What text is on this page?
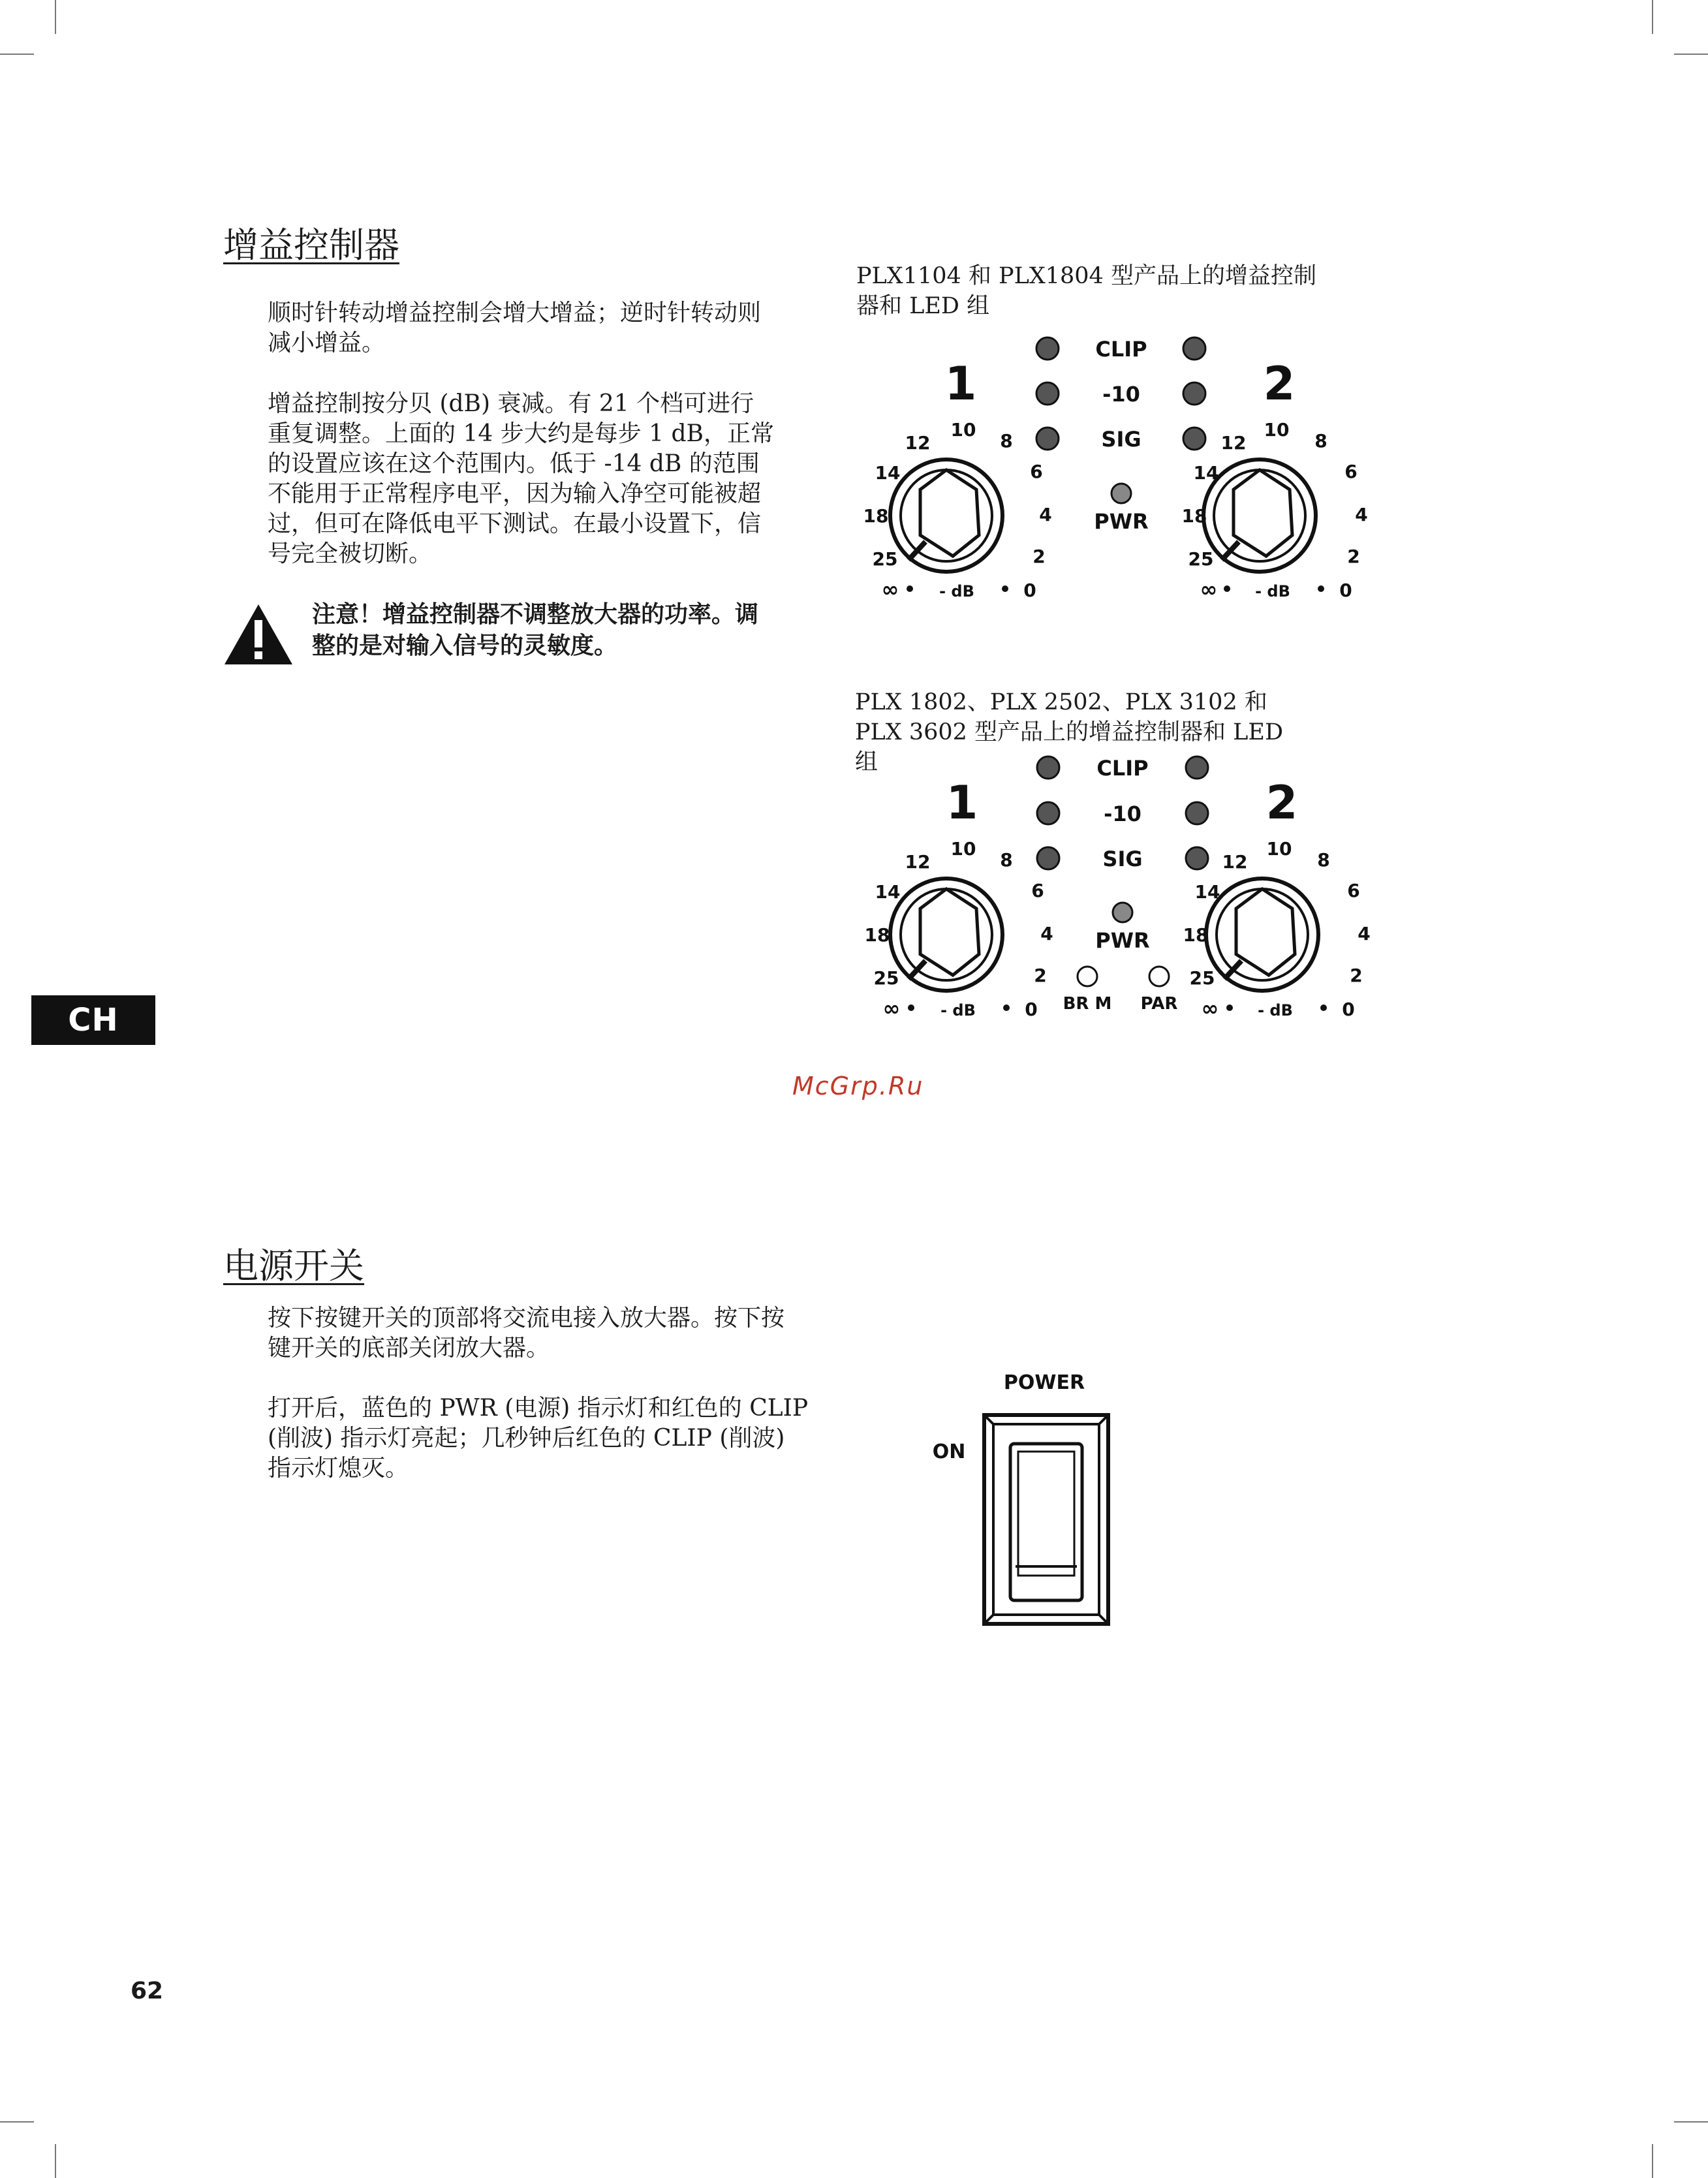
增益控制器

顺时针转动增益控制会增大增益；逆时针转动则减小增益。

增益控制按分贝 (dB) 衰减。有 21 个档可进行重复调整。上面的 14 步大约是每步 1 dB，正常的设置应该在这个范围内。低于 -14 dB 的范围不能用于正常程序电平，因为输入净空可能被超过，但可在降低电平下测试。在最小设置下，信号完全被切断。

注意！增益控制器不调整放大器的功率。调整的是对输入信号的灵敏度。

PLX1104 和 PLX1804 型产品上的增益控制器和 LED 组

CLIP
-10
SIG
PWR
1	2
10
12	8
14	6
18	4
25	2
∞	- dB	0
10
12	8
14	6
18	4
25	2
∞ - dB	0

PLX 1802、PLX 2502、PLX 3102 和 PLX 3602 型产品上的增益控制器和 LED 组	CLIP
-10
SIG
PWR
BR M PAR
1	2
10
12	8
14	6
18	4
25	2
∞	- dB	0
10
12	8
14	6
18	4
25	2
∞ - dB	0
CH
McGrp.Ru
电源开关

按下按键开关的顶部将交流电接入放大器。按下按键开关的底部关闭放大器。

打开后，蓝色的 PWR (电源) 指示灯和红色的 CLIP (削波) 指示灯亮起；几秒钟后红色的 CLIP (削波) 指示灯熄灭。

POWER
ON
62
